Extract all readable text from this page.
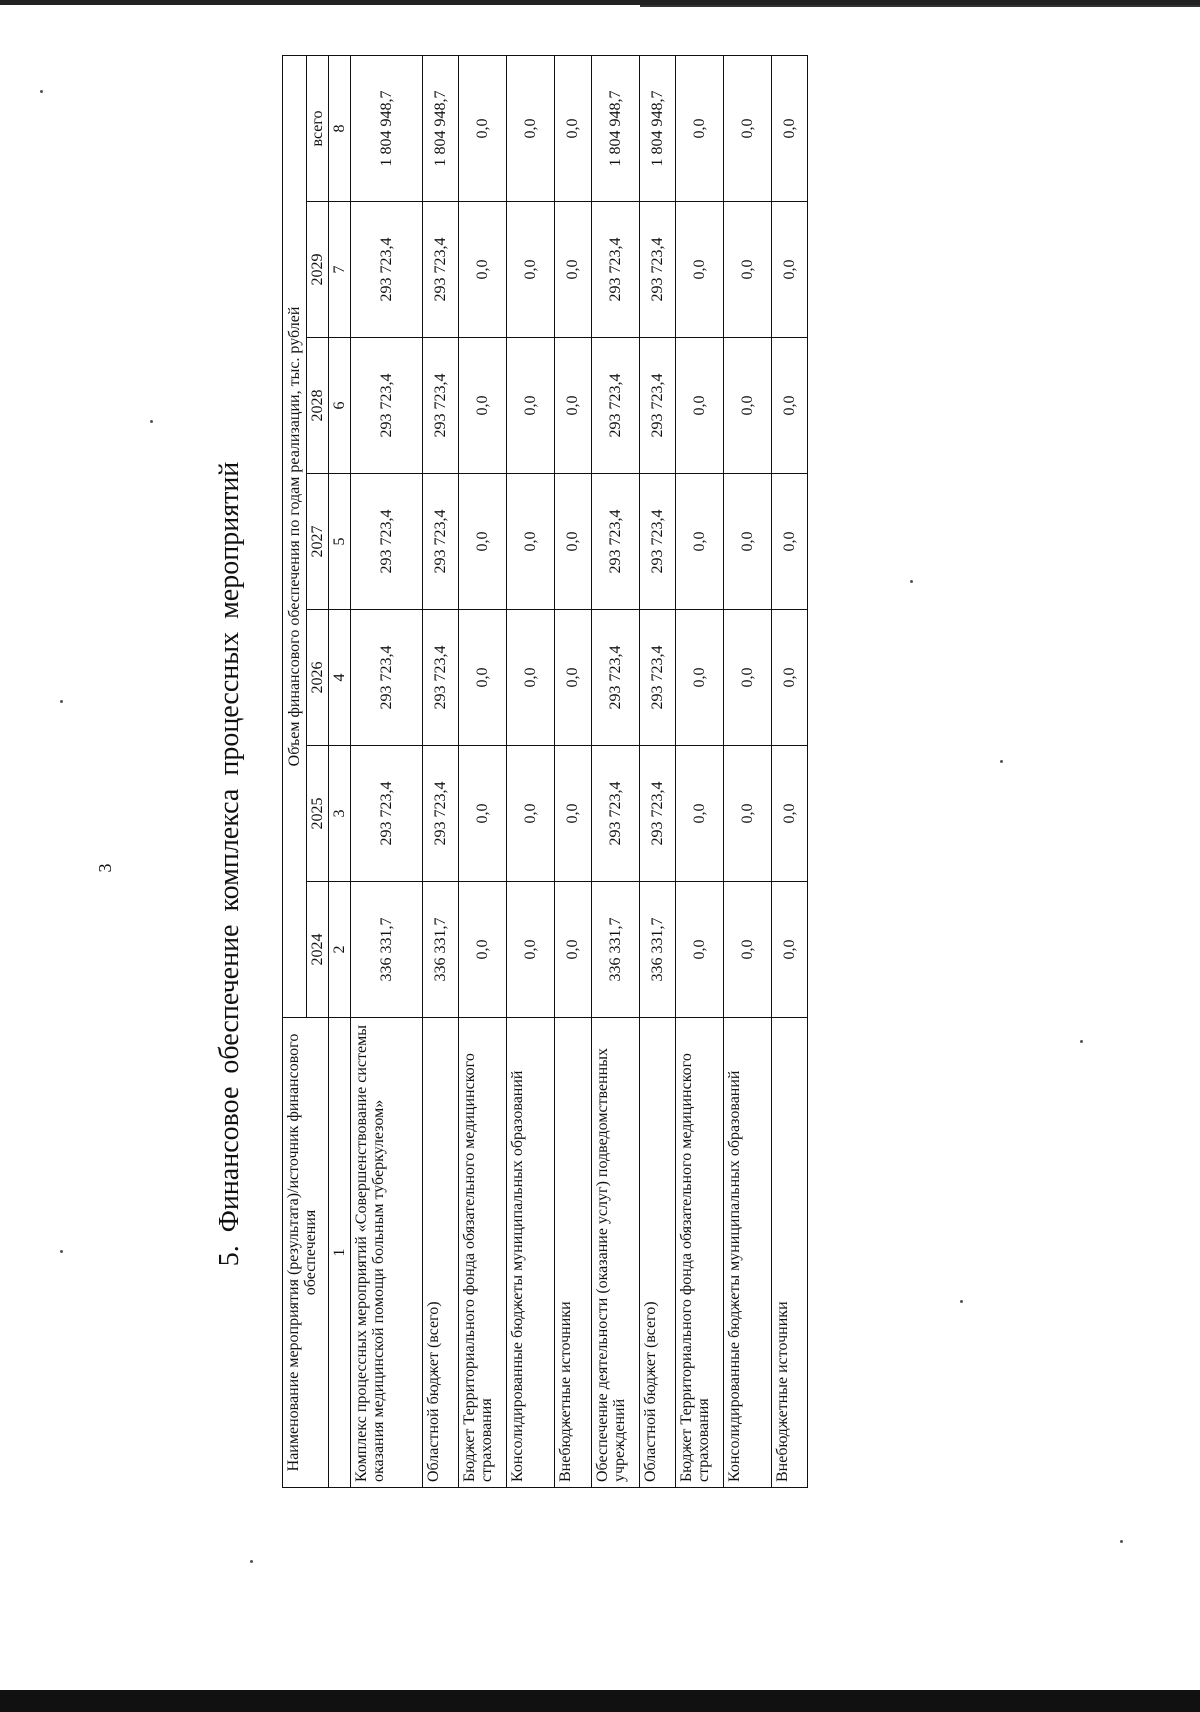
3	5. Финансовое обеспечение комплекса процессных мероприятий	Наименование мероприятия (результата)/источник финансового обеспечения	Объем финансового обеспечения по годам реализации, тыс. рублей						
	2024	2025	2026	2027	2028	2029	всего
1	2	3	4	5	6	7	8
Комплекс процессных мероприятий «Совершенствование системы оказания медицинской помощи больным туберкулезом»	336 331,7	293 723,4	293 723,4	293 723,4	293 723,4	293 723,4	1 804 948,7
Областной бюджет (всего)	336 331,7	293 723,4	293 723,4	293 723,4	293 723,4	293 723,4	1 804 948,7
Бюджет Территориального фонда обязательного медицинского страхования	0,0	0,0	0,0	0,0	0,0	0,0	0,0
Консолидированные бюджеты муниципальных образований	0,0	0,0	0,0	0,0	0,0	0,0	0,0
Внебюджетные источники	0,0	0,0	0,0	0,0	0,0	0,0	0,0
Обеспечение деятельности (оказание услуг) подведомственных учреждений	336 331,7	293 723,4	293 723,4	293 723,4	293 723,4	293 723,4	1 804 948,7
Областной бюджет (всего)	336 331,7	293 723,4	293 723,4	293 723,4	293 723,4	293 723,4	1 804 948,7
Бюджет Территориального фонда обязательного медицинского страхования	0,0	0,0	0,0	0,0	0,0	0,0	0,0
Консолидированные бюджеты муниципальных образований	0,0	0,0	0,0	0,0	0,0	0,0	0,0
Внебюджетные источники	0,0	0,0	0,0	0,0	0,0	0,0	0,0
